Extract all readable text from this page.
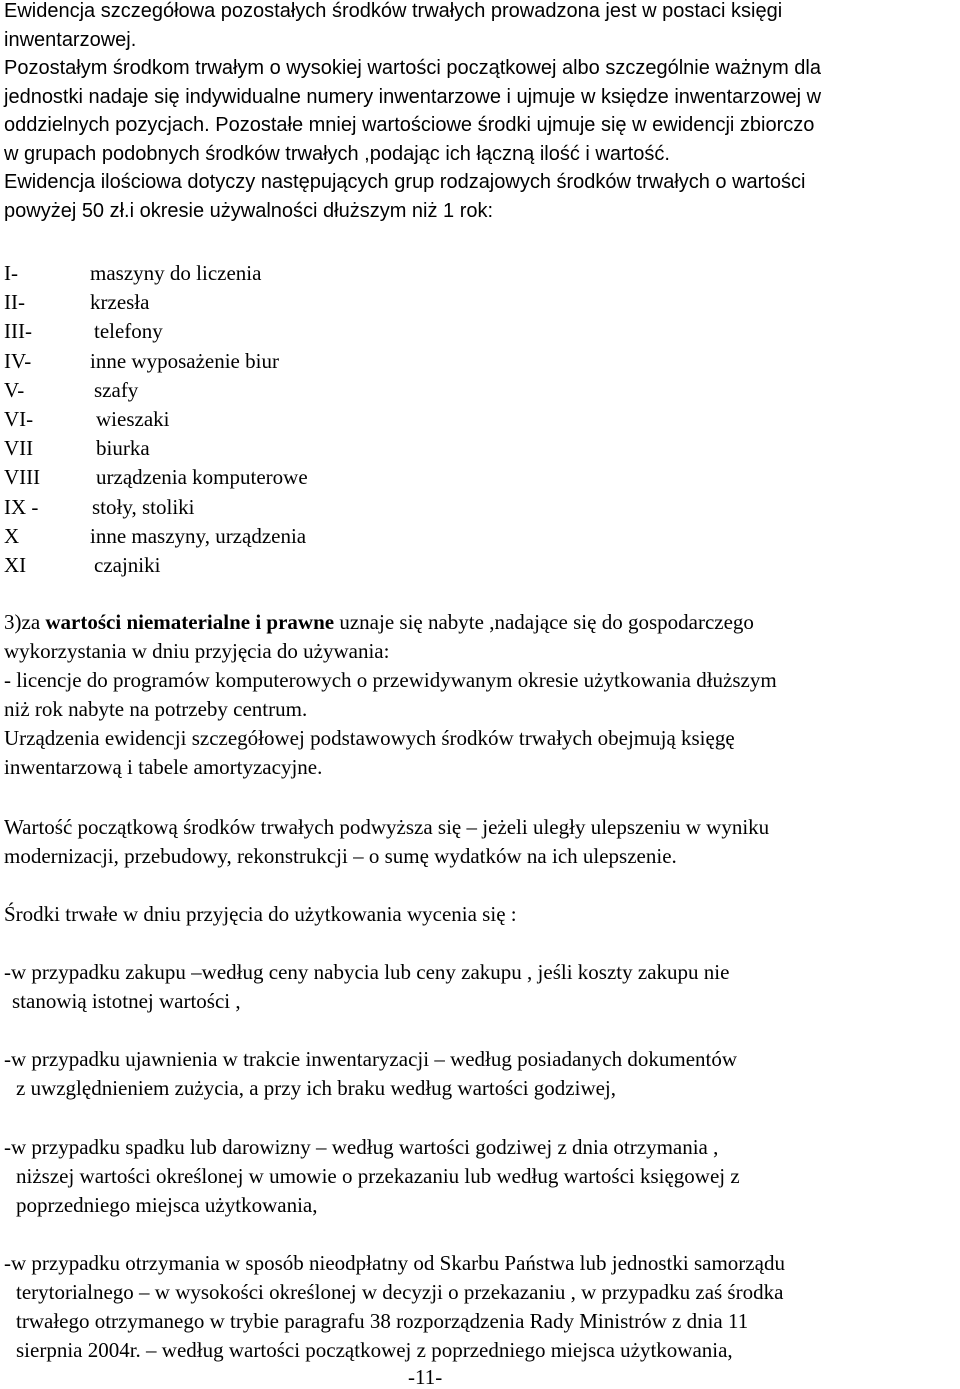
Ewidencja szczegółowa pozostałych środków trwałych prowadzona jest w postaci księgi
inwentarzowej.
Pozostałym środkom trwałym o wysokiej wartości początkowej albo szczególnie ważnym dla
jednostki nadaje się indywidualne numery inwentarzowe i ujmuje w księdze inwentarzowej w
oddzielnych pozycjach. Pozostałe mniej wartościowe środki ujmuje się w ewidencji zbiorczo
w grupach podobnych środków trwałych ,podając ich łączną ilość i wartość.
Ewidencja ilościowa dotyczy następujących grup rodzajowych środków trwałych o wartości
powyżej 50 zł.i okresie używalności dłuższym niż 1 rok:
I-	maszyny do liczenia
II-	krzesła
III-	telefony
IV-	inne wyposażenie biur
V-	szafy
VI-	wieszaki
VII	biurka
VIII	urządzenia komputerowe
IX -	stoły, stoliki
X	inne maszyny, urządzenia
XI	czajniki
3)za wartości niematerialne i prawne uznaje się nabyte ,nadające się do gospodarczego
wykorzystania w dniu przyjęcia do używania:
- licencje do programów komputerowych o przewidywanym okresie użytkowania dłuższym
niż rok nabyte na potrzeby centrum.
Urządzenia ewidencji szczegółowej podstawowych środków trwałych obejmują księgę
inwentarzową i tabele amortyzacyjne.
Wartość początkową środków trwałych podwyższa się – jeżeli uległy ulepszeniu w wyniku
modernizacji, przebudowy, rekonstrukcji – o sumę wydatków na ich ulepszenie.
Środki trwałe w dniu przyjęcia do użytkowania wycenia się :
-w przypadku zakupu –według ceny nabycia lub ceny zakupu , jeśli koszty zakupu nie
stanowią istotnej wartości ,
-w przypadku ujawnienia w trakcie inwentaryzacji – według posiadanych dokumentów
z uwzględnieniem zużycia, a przy ich braku według wartości godziwej,
-w przypadku spadku lub darowizny – według wartości godziwej z dnia otrzymania ,
niższej wartości określonej w umowie o przekazaniu lub według wartości księgowej z
poprzedniego miejsca użytkowania,
-w przypadku otrzymania w sposób nieodpłatny od Skarbu Państwa lub jednostki samorządu
terytorialnego – w wysokości określonej w decyzji o przekazaniu , w przypadku zaś środka
trwałego otrzymanego w trybie paragrafu 38 rozporządzenia Rady Ministrów z dnia 11
sierpnia 2004r. – według wartości początkowej z poprzedniego miejsca użytkowania,
-11-
